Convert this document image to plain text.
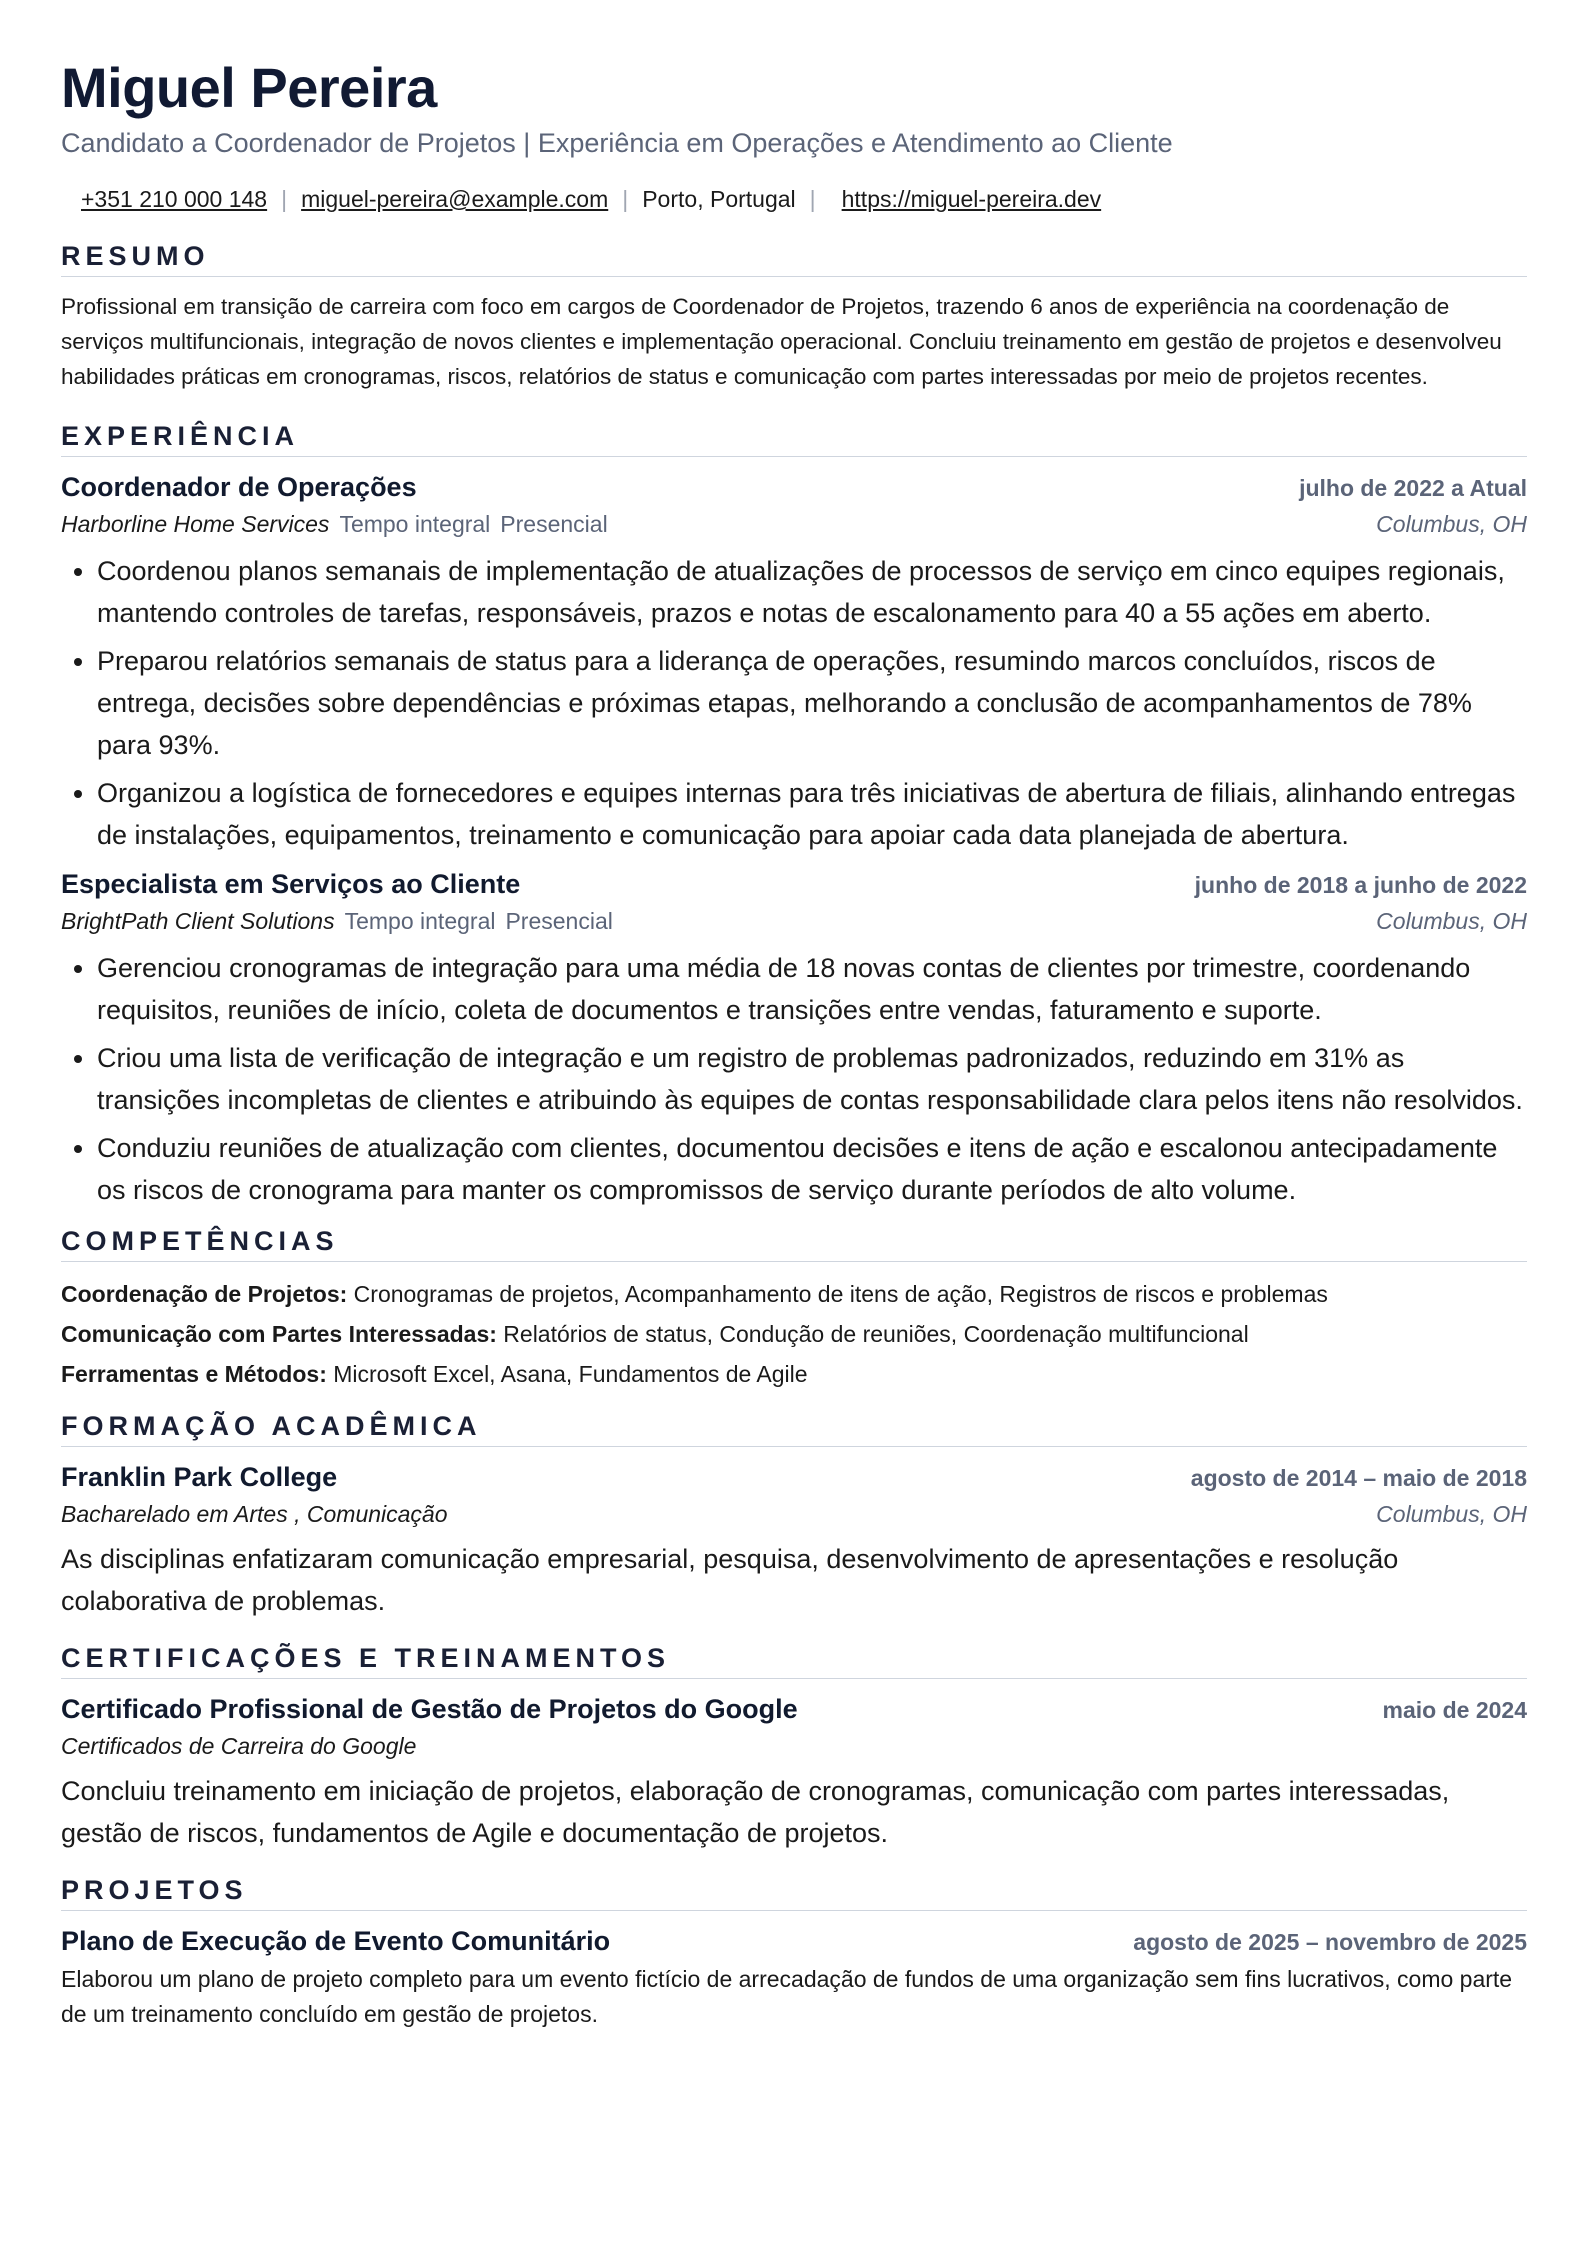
Miguel Pereira
Candidato a Coordenador de Projetos | Experiência em Operações e Atendimento ao Cliente
+351 210 000 148 | miguel-pereira@example.com | Porto, Portugal | https://miguel-pereira.dev
RESUMO
Profissional em transição de carreira com foco em cargos de Coordenador de Projetos, trazendo 6 anos de experiência na coordenação de serviços multifuncionais, integração de novos clientes e implementação operacional. Concluiu treinamento em gestão de projetos e desenvolveu habilidades práticas em cronogramas, riscos, relatórios de status e comunicação com partes interessadas por meio de projetos recentes.
EXPERIÊNCIA
Coordenador de Operações	julho de 2022 a Atual
Harborline Home Services Tempo integral Presencial	Columbus, OH
• Coordenou planos semanais de implementação de atualizações de processos de serviço em cinco equipes regionais, mantendo controles de tarefas, responsáveis, prazos e notas de escalonamento para 40 a 55 ações em aberto.
• Preparou relatórios semanais de status para a liderança de operações, resumindo marcos concluídos, riscos de entrega, decisões sobre dependências e próximas etapas, melhorando a conclusão de acompanhamentos de 78% para 93%.
• Organizou a logística de fornecedores e equipes internas para três iniciativas de abertura de filiais, alinhando entregas de instalações, equipamentos, treinamento e comunicação para apoiar cada data planejada de abertura.
Especialista em Serviços ao Cliente	junho de 2018 a junho de 2022
BrightPath Client Solutions Tempo integral Presencial	Columbus, OH
• Gerenciou cronogramas de integração para uma média de 18 novas contas de clientes por trimestre, coordenando requisitos, reuniões de início, coleta de documentos e transições entre vendas, faturamento e suporte.
• Criou uma lista de verificação de integração e um registro de problemas padronizados, reduzindo em 31% as transições incompletas de clientes e atribuindo às equipes de contas responsabilidade clara pelos itens não resolvidos.
• Conduziu reuniões de atualização com clientes, documentou decisões e itens de ação e escalonou antecipadamente os riscos de cronograma para manter os compromissos de serviço durante períodos de alto volume.
COMPETÊNCIAS
Coordenação de Projetos: Cronogramas de projetos, Acompanhamento de itens de ação, Registros de riscos e problemas
Comunicação com Partes Interessadas: Relatórios de status, Condução de reuniões, Coordenação multifuncional
Ferramentas e Métodos: Microsoft Excel, Asana, Fundamentos de Agile
FORMAÇÃO ACADÊMICA
Franklin Park College	agosto de 2014 – maio de 2018
Bacharelado em Artes , Comunicação	Columbus, OH
As disciplinas enfatizaram comunicação empresarial, pesquisa, desenvolvimento de apresentações e resolução colaborativa de problemas.
CERTIFICAÇÕES E TREINAMENTOS
Certificado Profissional de Gestão de Projetos do Google	maio de 2024
Certificados de Carreira do Google
Concluiu treinamento em iniciação de projetos, elaboração de cronogramas, comunicação com partes interessadas, gestão de riscos, fundamentos de Agile e documentação de projetos.
PROJETOS
Plano de Execução de Evento Comunitário	agosto de 2025 – novembro de 2025
Elaborou um plano de projeto completo para um evento fictício de arrecadação de fundos de uma organização sem fins lucrativos, como parte de um treinamento concluído em gestão de projetos.
